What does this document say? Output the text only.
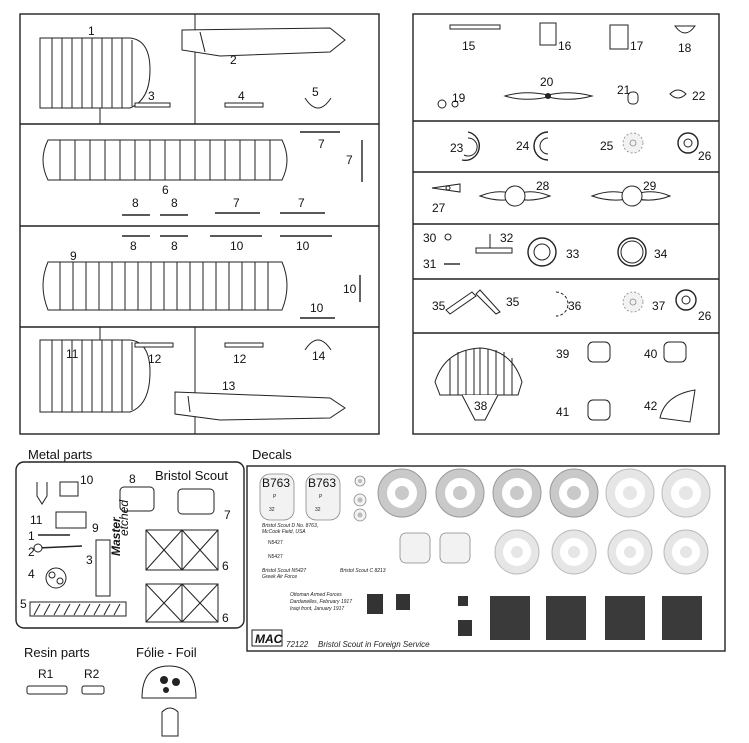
1
2
3	4	5
7
7
6
8	8	7	7
8	8	10	10
9
10
10
11	12	12	14
13
15	16	17	18
19
20
21	22
23	24	25
26
27
28	29
30
31
32
33	34
35	35	36	37
26
38
39	40
41	42
Metal parts
Bristol Scout
11
10	8
7
9
1
2
3
4
etched
Master
6
6
5
Decals
B763
P
32
B763
P
32
Bristol Scout D No. 8763,
McCook Field, USA
N5427
N5427
Bristol Scout N5427
Greek Air Force
Bristol Scout C 8213
Ottoman Armed Forces
Dardanelles, February 1917
Iraqi front, January 1917
MAC 72122 Bristol Scout in Foreign Service
Resin parts
R1	R2
Fólie - Foil
